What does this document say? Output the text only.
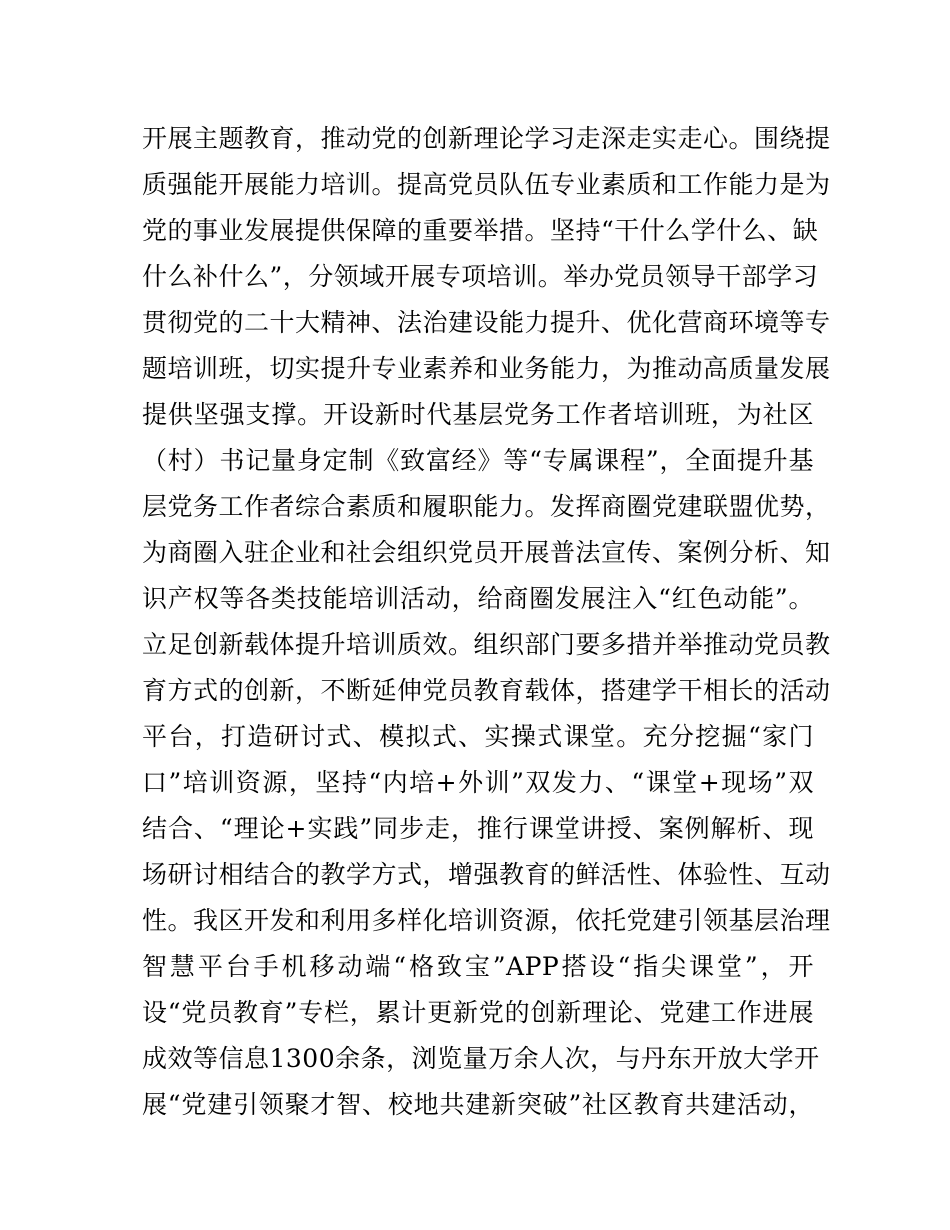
开展主题教育，推动党的创新理论学习走深走实走心。围绕提
质强能开展能力培训。提高党员队伍专业素质和工作能力是为
党的事业发展提供保障的重要举措。坚持“干什么学什么、缺
什么补什么”，分领域开展专项培训。举办党员领导干部学习
贯彻党的二十大精神、法治建设能力提升、优化营商环境等专
题培训班，切实提升专业素养和业务能力，为推动高质量发展
提供坚强支撑。开设新时代基层党务工作者培训班，为社区
（村）书记量身定制《致富经》等“专属课程”，全面提升基
层党务工作者综合素质和履职能力。发挥商圈党建联盟优势，
为商圈入驻企业和社会组织党员开展普法宣传、案例分析、知
识产权等各类技能培训活动，给商圈发展注入“红色动能”。
立足创新载体提升培训质效。组织部门要多措并举推动党员教
育方式的创新，不断延伸党员教育载体，搭建学干相长的活动
平台，打造研讨式、模拟式、实操式课堂。充分挖掘“家门
口”培训资源，坚持“内培+外训”双发力、“课堂+现场”双
结合、“理论+实践”同步走，推行课堂讲授、案例解析、现
场研讨相结合的教学方式，增强教育的鲜活性、体验性、互动
性。我区开发和利用多样化培训资源，依托党建引领基层治理
智慧平台手机移动端“格致宝”APP搭设“指尖课堂”，开
设“党员教育”专栏，累计更新党的创新理论、党建工作进展
成效等信息1300余条，浏览量万余人次，与丹东开放大学开
展“党建引领聚才智、校地共建新突破”社区教育共建活动，
